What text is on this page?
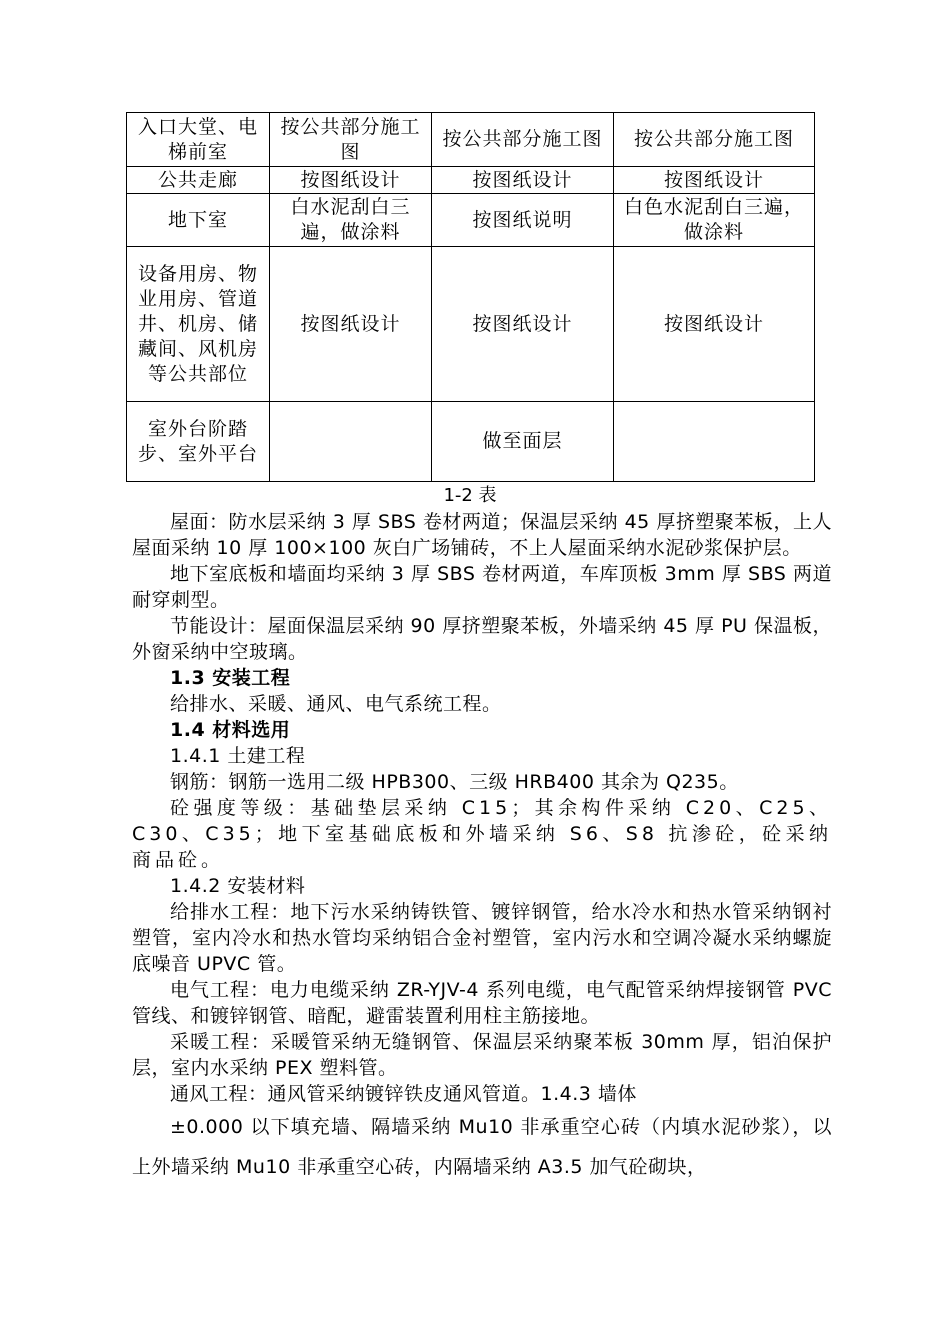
入口大堂、电梯前室	按公共部分施工图	按公共部分施工图	按公共部分施工图
公共走廊	按图纸设计	按图纸设计	按图纸设计
地下室	白水泥刮白三遍，做涂料	按图纸说明	白色水泥刮白三遍，做涂料
设备用房、物业用房、管道井、机房、储藏间、风机房等公共部位	按图纸设计	按图纸设计	按图纸设计
室外台阶踏步、室外平台		做至面层	
1-2 表

屋面：防水层采纳 3 厚 SBS 卷材两道；保温层采纳 45 厚挤塑聚苯板，上人屋面采纳 10 厚 100×100 灰白广场铺砖，不上人屋面采纳水泥砂浆保护层。

地下室底板和墙面均采纳 3 厚 SBS 卷材两道，车库顶板 3mm 厚 SBS 两道耐穿刺型。

节能设计：屋面保温层采纳 90 厚挤塑聚苯板，外墙采纳 45 厚 PU 保温板，外窗采纳中空玻璃。

1.3 安装工程

给排水、采暖、通风、电气系统工程。

1.4 材料选用

1.4.1 土建工程

钢筋：钢筋一选用二级 HPB300、三级 HRB400 其余为 Q235。

砼强度等级：基础垫层采纳 C15；其余构件采纳 C20、C25、C30、C35；地下室基础底板和外墙采纳 S6、S8 抗渗砼，砼采纳商品砼。

1.4.2 安装材料

给排水工程：地下污水采纳铸铁管、镀锌钢管，给水冷水和热水管采纳钢衬塑管，室内冷水和热水管均采纳铝合金衬塑管，室内污水和空调冷凝水采纳螺旋底噪音 UPVC 管。

电气工程：电力电缆采纳 ZR-YJV-4 系列电缆，电气配管采纳焊接钢管 PVC 管线、和镀锌钢管、暗配，避雷装置利用柱主筋接地。

采暖工程：采暖管采纳无缝钢管、保温层采纳聚苯板 30mm 厚，铝泊保护层，室内水采纳 PEX 塑料管。

通风工程：通风管采纳镀锌铁皮通风管道。1.4.3 墙体

±0.000 以下填充墙、隔墙采纳 Mu10 非承重空心砖（内填水泥砂浆），以上外墙采纳 Mu10 非承重空心砖，内隔墙采纳 A3.5 加气砼砌块，
